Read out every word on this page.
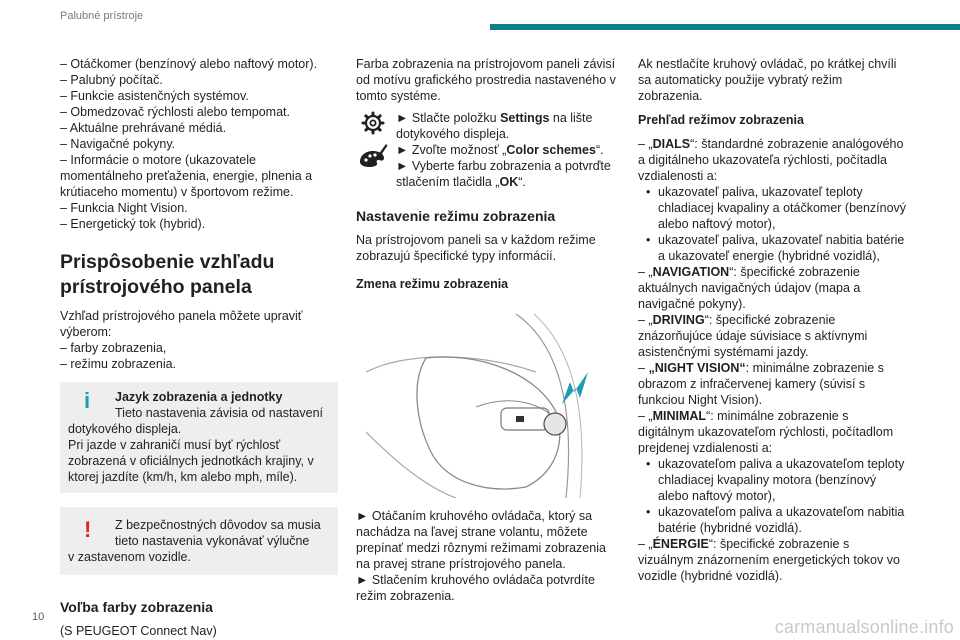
Palubné prístroje

– Otáčkomer (benzínový alebo naftový motor).

– Palubný počítač.

– Funkcie asistenčných systémov.

– Obmedzovač rýchlosti alebo tempomat.

– Aktuálne prehrávané médiá.

– Navigačné pokyny.

– Informácie o motore (ukazovatele momentálneho preťaženia, energie, plnenia a krútiaceho momentu) v športovom režime.

– Funkcia Night Vision.

– Energetický tok (hybrid).

Prispôsobenie vzhľadu prístrojového panela

Vzhľad prístrojového panela môžete upraviť výberom:

– farby zobrazenia,

– režimu zobrazenia.

i Jazyk zobrazenia a jednotky
Tieto nastavenia závisia od nastavení
dotykového displeja.
Pri jazde v zahraničí musí byť rýchlosť zobrazená v oficiálnych jednotkách krajiny, v ktorej jazdíte (km/h, km alebo mph, míle).
! Z bezpečnostných dôvodov sa musia
tieto nastavenia vykonávať výlučne
v zastavenom vozidle.
Voľba farby zobrazenia

(S PEUGEOT Connect Nav)

Farba zobrazenia na prístrojovom paneli závisí od motívu grafického prostredia nastaveného v tomto systéme.

► Stlačte položku Settings na lište dotykového displeja.

► Zvoľte možnosť „Color schemes“.

► Vyberte farbu zobrazenia a potvrďte stlačením tlačidla „OK“.

Nastavenie režimu zobrazenia

Na prístrojovom paneli sa v každom režime zobrazujú špecifické typy informácií.

Zmena režimu zobrazenia

► Otáčaním kruhového ovládača, ktorý sa nachádza na ľavej strane volantu, môžete prepínať medzi rôznymi režimami zobrazenia na pravej strane prístrojového panela.

► Stlačením kruhového ovládača potvrdíte režim zobrazenia.

Ak nestlačíte kruhový ovládač, po krátkej chvíli sa automaticky použije vybratý režim zobrazenia.

Prehľad režimov zobrazenia

– „DIALS“: štandardné zobrazenie analógového a digitálneho ukazovateľa rýchlosti, počítadla vzdialenosti a:

• ukazovateľ paliva, ukazovateľ teploty chladiacej kvapaliny a otáčkomer (benzínový alebo naftový motor),
• ukazovateľ paliva, ukazovateľ nabitia batérie a ukazovateľ energie (hybridné vozidlá),

– „NAVIGATION“: špecifické zobrazenie aktuálnych navigačných údajov (mapa a navigačné pokyny).

– „DRIVING“: špecifické zobrazenie znázorňujúce údaje súvisiace s aktívnymi asistenčnými systémami jazdy.

– „NIGHT VISION“: minimálne zobrazenie s obrazom z infračervenej kamery (súvisí s funkciou Night Vision).

– „MINIMAL“: minimálne zobrazenie s digitálnym ukazovateľom rýchlosti, počítadlom prejdenej vzdialenosti a:

• ukazovateľom paliva a ukazovateľom teploty chladiacej kvapaliny motora (benzínový alebo naftový motor),
• ukazovateľom paliva a ukazovateľom nabitia batérie (hybridné vozidlá).

– „ÉNERGIE“: špecifické zobrazenie s vizuálnym znázornením energetických tokov vo vozidle (hybridné vozidlá).

10	carmanualsonline.info
